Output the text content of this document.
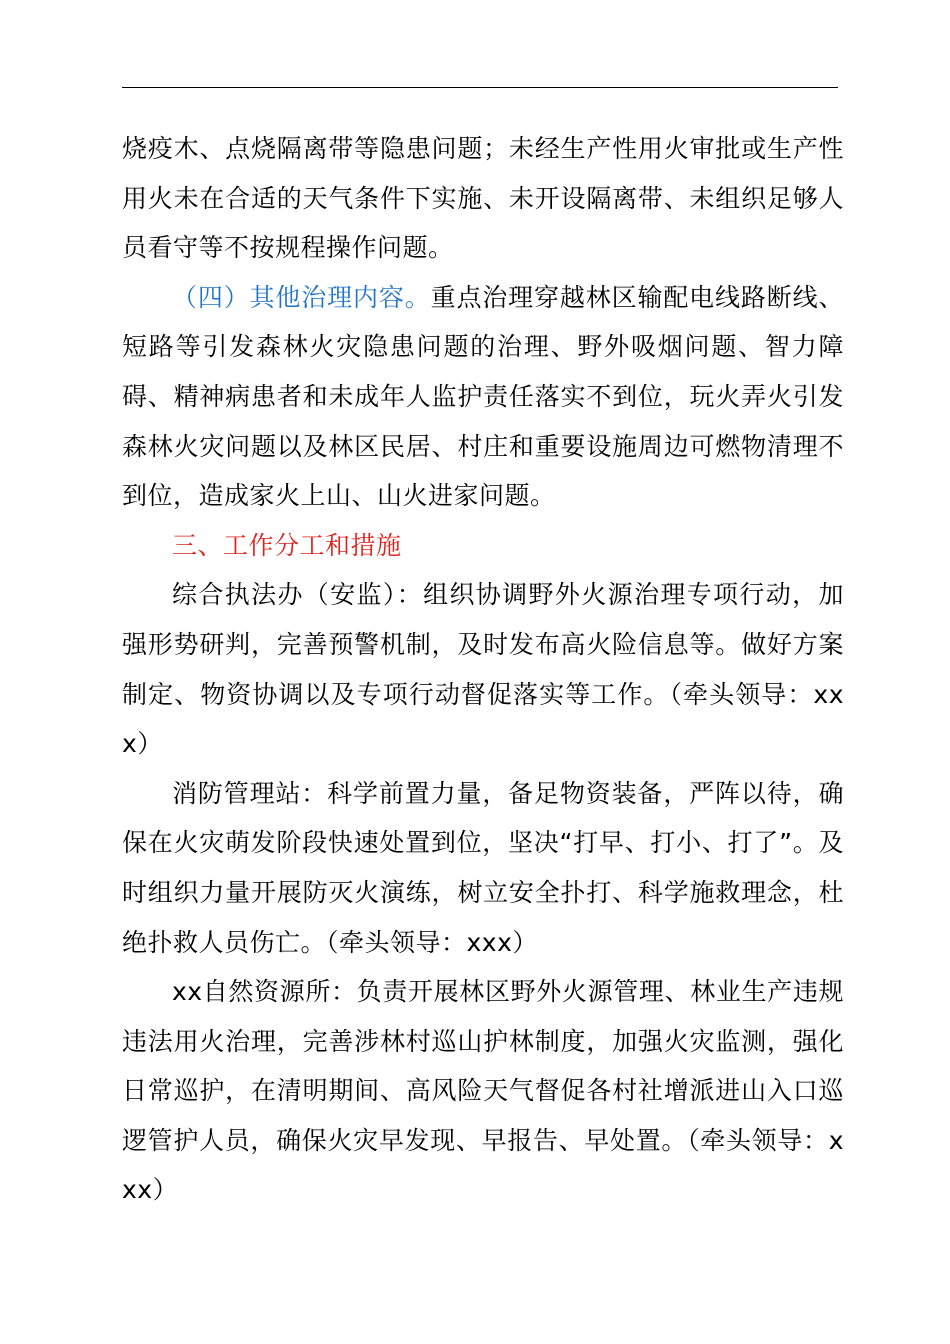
烧疫木、点烧隔离带等隐患问题；未经生产性用火审批或生产性用火未在合适的天气条件下实施、未开设隔离带、未组织足够人员看守等不按规程操作问题。

（四）其他治理内容。重点治理穿越林区输配电线路断线、短路等引发森林火灾隐患问题的治理、野外吸烟问题、智力障碍、精神病患者和未成年人监护责任落实不到位，玩火弄火引发森林火灾问题以及林区民居、村庄和重要设施周边可燃物清理不到位，造成家火上山、山火进家问题。

三、工作分工和措施

综合执法办（安监）：组织协调野外火源治理专项行动，加强形势研判，完善预警机制，及时发布高火险信息等。做好方案制定、物资协调以及专项行动督促落实等工作。（牵头领导：xxx）

消防管理站：科学前置力量，备足物资装备，严阵以待，确保在火灾萌发阶段快速处置到位，坚决“打早、打小、打了”。及时组织力量开展防灭火演练，树立安全扑打、科学施救理念，杜绝扑救人员伤亡。（牵头领导：xxx）

xx自然资源所：负责开展林区野外火源管理、林业生产违规违法用火治理，完善涉林村巡山护林制度，加强火灾监测，强化日常巡护，在清明期间、高风险天气督促各村社增派进山入口巡逻管护人员，确保火灾早发现、早报告、早处置。（牵头领导：xxx）
